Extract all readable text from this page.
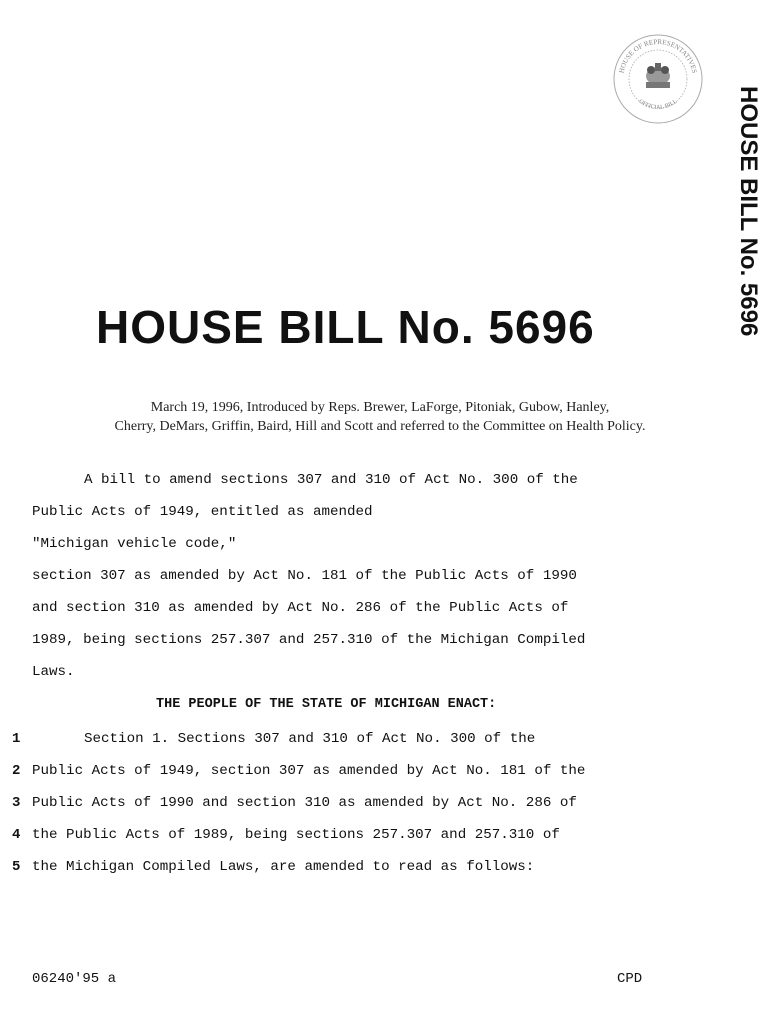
HOUSE OF REPRESENTATIVES
OFFICIAL BILL	HOUSE BILL No. 5696
HOUSE BILL No. 5696
March 19, 1996, Introduced by Reps. Brewer, LaForge, Pitoniak, Gubow, Hanley,
Cherry, DeMars, Griffin, Baird, Hill and Scott and referred to the Committee on Health Policy.
A bill to amend sections 307 and 310 of Act No. 300 of the
Public Acts of 1949, entitled as amended
"Michigan vehicle code,"
section 307 as amended by Act No. 181 of the Public Acts of 1990
and section 310 as amended by Act No. 286 of the Public Acts of
1989, being sections 257.307 and 257.310 of the Michigan Compiled
Laws.
THE PEOPLE OF THE STATE OF MICHIGAN ENACT:
1	Section 1. Sections 307 and 310 of Act No. 300 of the
2 Public Acts of 1949, section 307 as amended by Act No. 181 of the
3 Public Acts of 1990 and section 310 as amended by Act No. 286 of
4 the Public Acts of 1989, being sections 257.307 and 257.310 of
5 the Michigan Compiled Laws, are amended to read as follows:
06240'95 a	CPD
